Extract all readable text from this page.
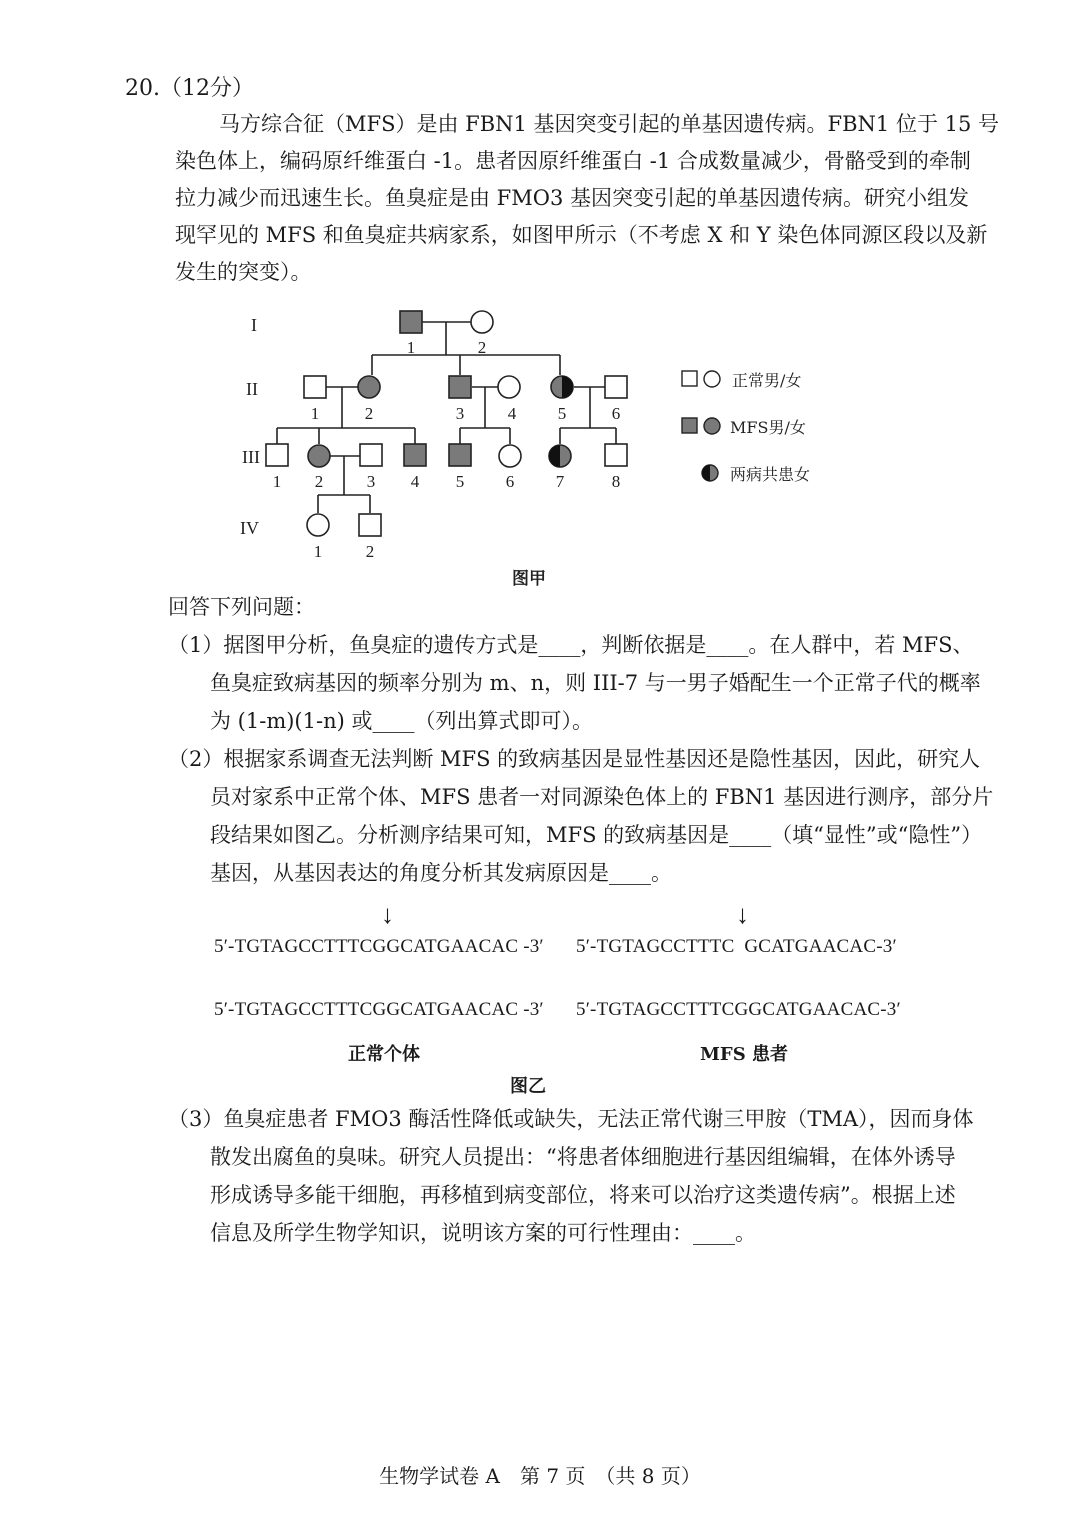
20.（12分）

马方综合征（MFS）是由 FBN1 基因突变引起的单基因遗传病。FBN1 位于 15 号

染色体上，编码原纤维蛋白 -1。患者因原纤维蛋白 -1 合成数量减少，骨骼受到的牵制

拉力减少而迅速生长。鱼臭症是由 FMO3 基因突变引起的单基因遗传病。研究小组发

现罕见的 MFS 和鱼臭症共病家系，如图甲所示（不考虑 X 和 Y 染色体同源区段以及新

发生的突变）。

I
II
III
IV
1	2
1	2	3	4 5	6
1 2	3 4 5 6 7	8
1	2
正常男/女
MFS男/女
两病共患女
图甲
回答下列问题：

（1）据图甲分析，鱼臭症的遗传方式是____，判断依据是____。在人群中，若 MFS、

鱼臭症致病基因的频率分别为 m、n，则 III-7 与一男子婚配生一个正常子代的概率

为 (1-m)(1-n) 或____（列出算式即可）。

（2）根据家系调查无法判断 MFS 的致病基因是显性基因还是隐性基因，因此，研究人

员对家系中正常个体、MFS 患者一对同源染色体上的 FBN1 基因进行测序，部分片

段结果如图乙。分析测序结果可知，MFS 的致病基因是____（填“显性”或“隐性”）

基因，从基因表达的角度分析其发病原因是____。

↓	↓
5′-TGTAGCCTTTCGGCATGAACAC -3′ 5′-TGTAGCCTTTC  GCATGAACAC-3′
5′-TGTAGCCTTTCGGCATGAACAC -3′ 5′-TGTAGCCTTTCGGCATGAACAC-3′
正常个体	MFS 患者
图乙

（3）鱼臭症患者 FMO3 酶活性降低或缺失，无法正常代谢三甲胺（TMA），因而身体

散发出腐鱼的臭味。研究人员提出：“将患者体细胞进行基因组编辑，在体外诱导

形成诱导多能干细胞，再移植到病变部位，将来可以治疗这类遗传病”。根据上述

信息及所学生物学知识，说明该方案的可行性理由：____。

生物学试卷 A　第 7 页　（共 8 页）
